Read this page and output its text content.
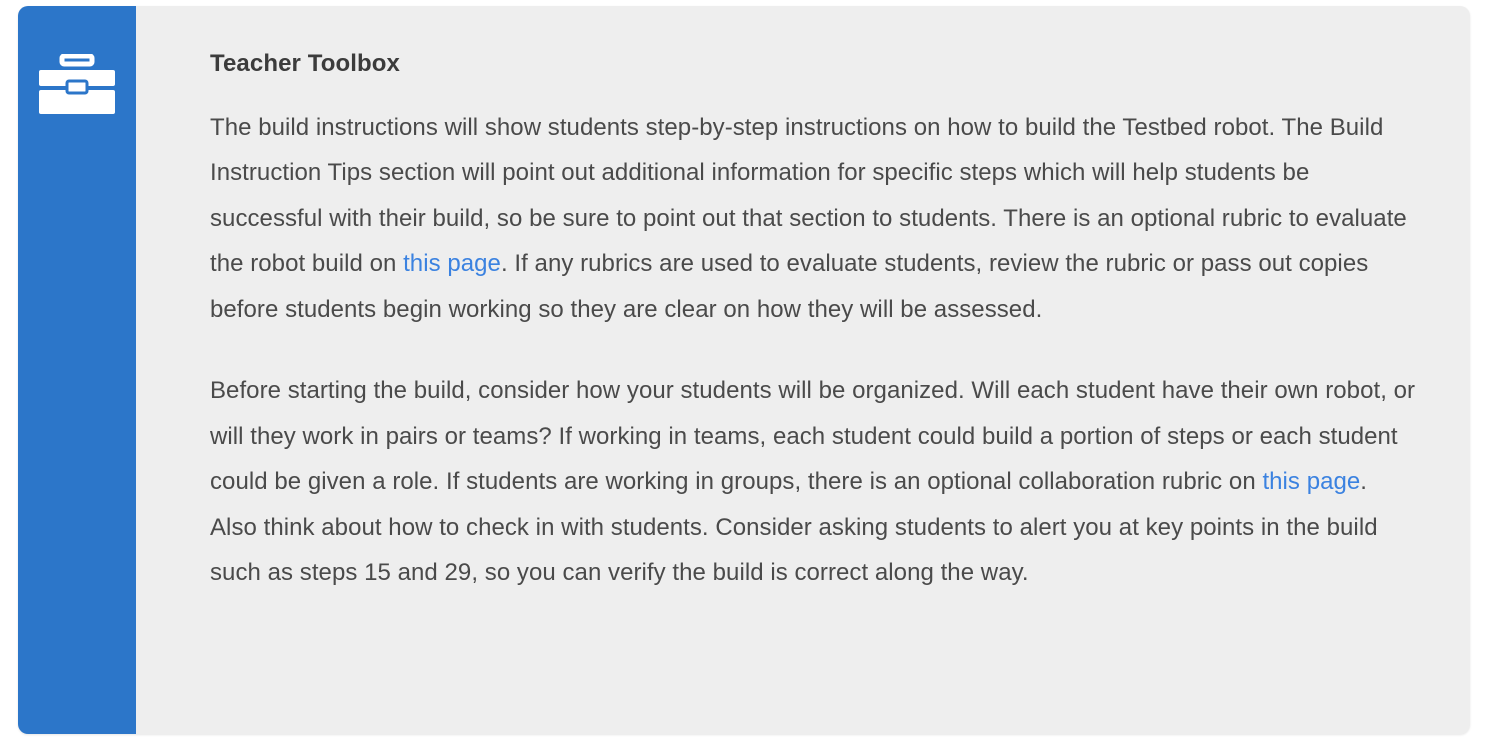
Teacher Toolbox

The build instructions will show students step-by-step instructions on how to build the Testbed robot. The Build Instruction Tips section will point out additional information for specific steps which will help students be successful with their build, so be sure to point out that section to students. There is an optional rubric to evaluate the robot build on this page. If any rubrics are used to evaluate students, review the rubric or pass out copies before students begin working so they are clear on how they will be assessed.

Before starting the build, consider how your students will be organized. Will each student have their own robot, or will they work in pairs or teams? If working in teams, each student could build a portion of steps or each student could be given a role. If students are working in groups, there is an optional collaboration rubric on this page. Also think about how to check in with students. Consider asking students to alert you at key points in the build such as steps 15 and 29, so you can verify the build is correct along the way.
